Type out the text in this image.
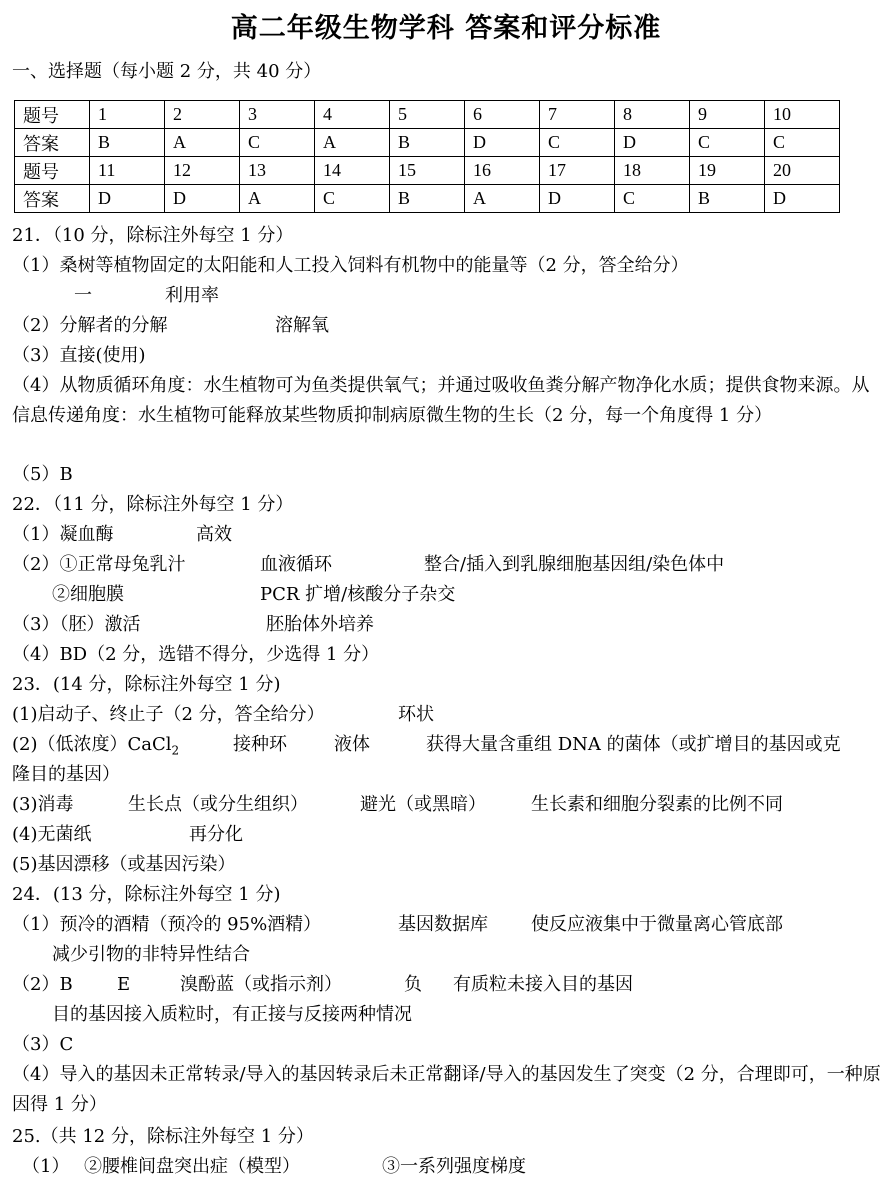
高二年级生物学科 答案和评分标准
一、选择题（每小题 2 分，共 40 分）
题号	1	2	3	4	5	6	7	8	9	10
答案	B	A	C	A	B	D	C	D	C	C
题号	11	12	13	14	15	16	17	18	19	20
答案	D	D	A	C	B	A	D	C	B	D
21．（10 分，除标注外每空 1 分）
（1）桑树等植物固定的太阳能和人工投入饲料有机物中的能量等（2 分，答全给分）
一	利用率
（2）分解者的分解	溶解氧
（3）直接(使用)
（4）从物质循环角度：水生植物可为鱼类提供氧气；并通过吸收鱼粪分解产物净化水质；提供食物来源。从信息传递角度：水生植物可能释放某些物质抑制病原微生物的生长（2 分，每一个角度得 1 分）
（5）B
22．（11 分，除标注外每空 1 分）
（1）凝血酶	高效
（2）①正常母兔乳汁	血液循环	整合/插入到乳腺细胞基因组/染色体中
②细胞膜	PCR 扩增/核酸分子杂交
（3）（胚）激活	胚胎体外培养
（4）BD（2 分，选错不得分，少选得 1 分）
23．(14 分，除标注外每空 1 分)
(1)启动子、终止子（2 分，答全给分）	环状
(2)（低浓度）CaCl$_2$	接种环	液体	获得大量含重组 DNA 的菌体（或扩增目的基因或克
隆目的基因）
(3)消毒	生长点（或分生组织）	避光（或黑暗）	生长素和细胞分裂素的比例不同
(4)无菌纸	再分化
(5)基因漂移（或基因污染）
24．(13 分，除标注外每空 1 分)
（1）预冷的酒精（预冷的 95%酒精）	基因数据库 使反应液集中于微量离心管底部
减少引物的非特异性结合
（2）B E	溴酚蓝（或指示剂）	负 有质粒未接入目的基因
目的基因接入质粒时，有正接与反接两种情况
（3）C
（4）导入的基因未正常转录/导入的基因转录后未正常翻译/导入的基因发生了突变（2 分，合理即可，一种原因得 1 分）
25.（共 12 分，除标注外每空 1 分）
（1） ②腰椎间盘突出症（模型）	③一系列强度梯度
